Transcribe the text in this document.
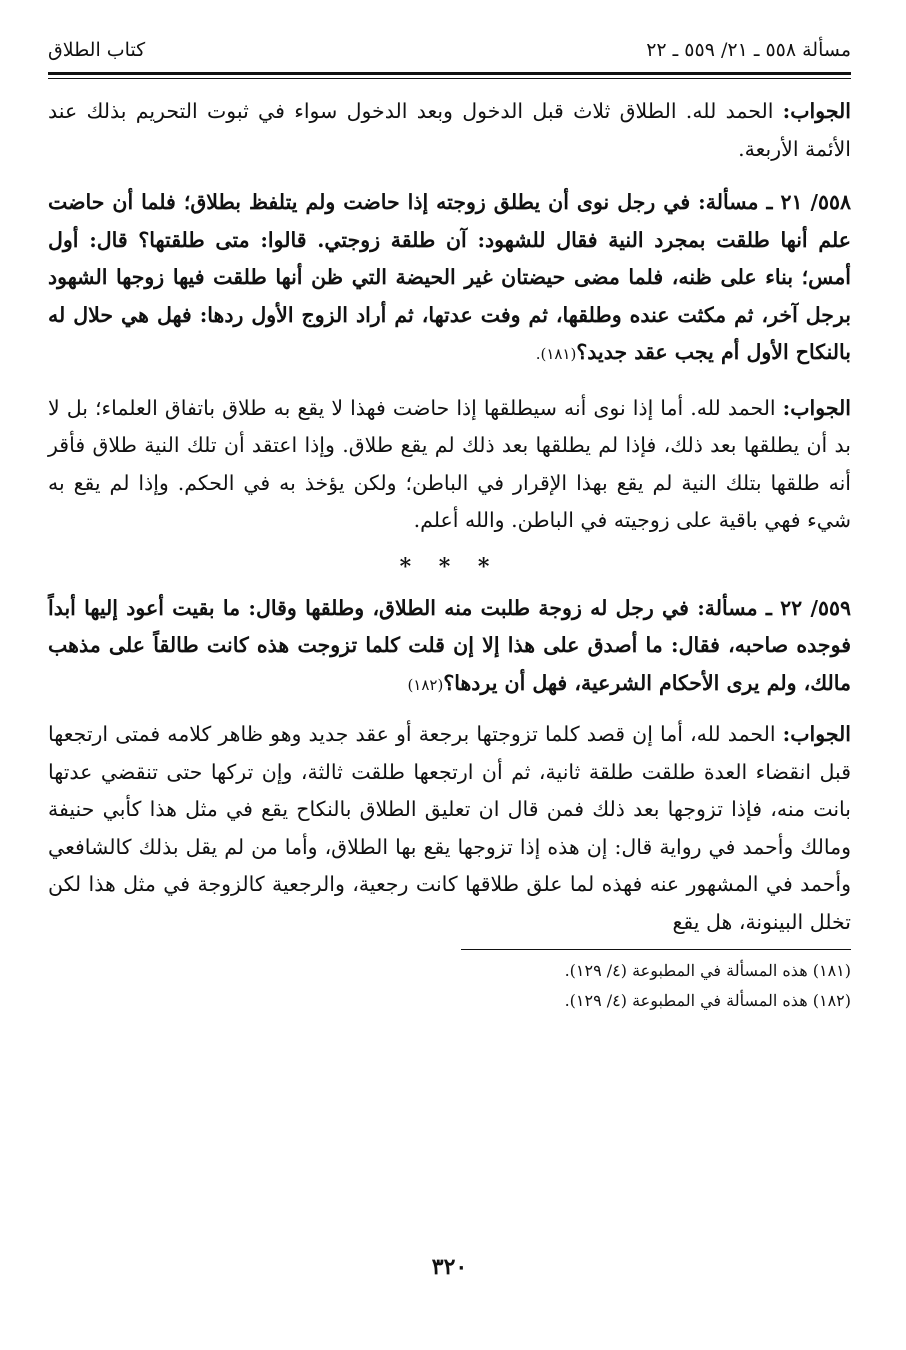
مسألة ٥٥٨ ـ ٢١/ ٥٥٩ ـ ٢٢
كتاب الطلاق

الجواب: الحمد لله. الطلاق ثلاث قبل الدخول وبعد الدخول سواء في ثبوت التحريم بذلك عند الأئمة الأربعة.

٥٥٨/ ٢١ ـ مسألة: في رجل نوى أن يطلق زوجته إذا حاضت ولم يتلفظ بطلاق؛ فلما أن حاضت علم أنها طلقت بمجرد النية فقال للشهود: آن طلقة زوجتي. قالوا: متى طلقتها؟ قال: أول أمس؛ بناء على ظنه، فلما مضى حيضتان غير الحيضة التي ظن أنها طلقت فيها زوجها الشهود برجل آخر، ثم مكثت عنده وطلقها، ثم وفت عدتها، ثم أراد الزوج الأول ردها: فهل هي حلال له بالنكاح الأول أم يجب عقد جديد؟(١٨١).

الجواب: الحمد لله. أما إذا نوى أنه سيطلقها إذا حاضت فهذا لا يقع به طلاق باتفاق العلماء؛ بل لا بد أن يطلقها بعد ذلك، فإذا لم يطلقها بعد ذلك لم يقع طلاق. وإذا اعتقد أن تلك النية طلاق فأقر أنه طلقها بتلك النية لم يقع بهذا الإقرار في الباطن؛ ولكن يؤخذ به في الحكم. وإذا لم يقع به شيء فهي باقية على زوجيته في الباطن. والله أعلم.

* * *

٥٥٩/ ٢٢ ـ مسألة: في رجل له زوجة طلبت منه الطلاق، وطلقها وقال: ما بقيت أعود إليها أبداً فوجده صاحبه، فقال: ما أصدق على هذا إلا إن قلت كلما تزوجت هذه كانت طالقاً على مذهب مالك، ولم يرى الأحكام الشرعية، فهل أن يردها؟(١٨٢)

الجواب: الحمد لله، أما إن قصد كلما تزوجتها برجعة أو عقد جديد وهو ظاهر كلامه فمتى ارتجعها قبل انقضاء العدة طلقت طلقة ثانية، ثم أن ارتجعها طلقت ثالثة، وإن تركها حتى تنقضي عدتها بانت منه، فإذا تزوجها بعد ذلك فمن قال ان تعليق الطلاق بالنكاح يقع في مثل هذا كأبي حنيفة ومالك وأحمد في رواية قال: إن هذه إذا تزوجها يقع بها الطلاق، وأما من لم يقل بذلك كالشافعي وأحمد في المشهور عنه فهذه لما علق طلاقها كانت رجعية، والرجعية كالزوجة في مثل هذا لكن تخلل البينونة، هل يقع

(١٨١) هذه المسألة في المطبوعة (٤/ ١٢٩).
(١٨٢) هذه المسألة في المطبوعة (٤/ ١٢٩).
٣٢٠
